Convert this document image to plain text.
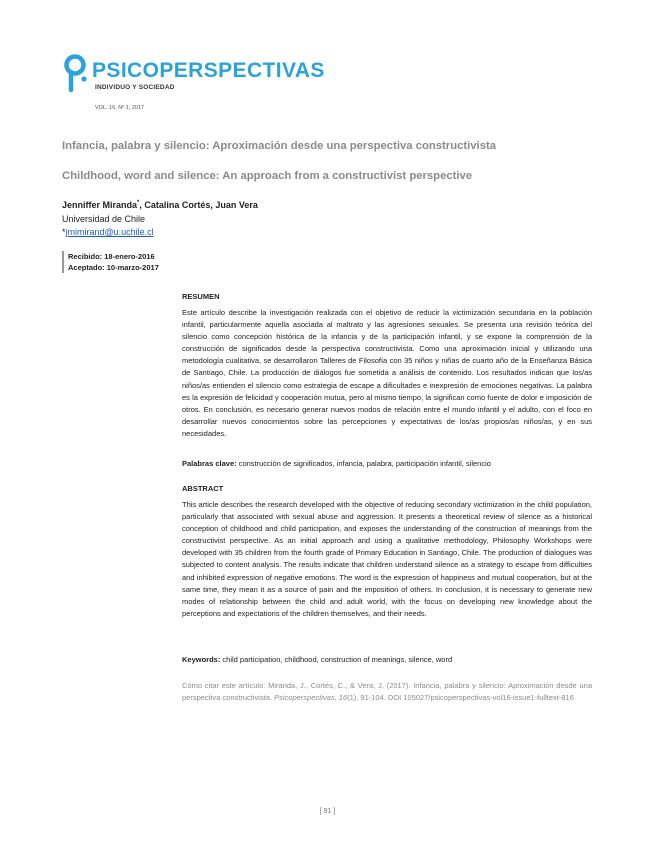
PSICOPERSPECTIVAS
INDIVIDUO Y SOCIEDAD
VOL. 16, Nº 1, 2017
Infancia, palabra y silencio: Aproximación desde una perspectiva constructivista
Childhood, word and silence: An approach from a constructivist perspective
Jenniffer Miranda*, Catalina Cortés, Juan Vera
Universidad de Chile
*jmimirand@u.uchile.cl
Recibido: 18-enero-2016
Aceptado: 10-marzo-2017
RESUMEN

Este artículo describe la investigación realizada con el objetivo de reducir la victimización secundaria en la población infantil, particularmente aquella asociada al maltrato y las agresiones sexuales. Se presenta una revisión teórica del silencio como concepción histórica de la infancia y de la participación infantil, y se expone la comprensión de la construcción de significados desde la perspectiva constructivista. Como una aproximación inicial y utilizando una metodología cualitativa, se desarrollaron Talleres de Filosofía con 35 niños y niñas de cuarto año de la Enseñanza Básica de Santiago, Chile. La producción de diálogos fue sometida a análisis de contenido. Los resultados indican que los/as niños/as entienden el silencio como estrategia de escape a dificultades e inexpresión de emociones negativas. La palabra es la expresión de felicidad y cooperación mutua, pero al mismo tiempo, la significan como fuente de dolor e imposición de otros. En conclusión, es necesario generar nuevos modos de relación entre el mundo infantil y el adulto, con el foco en desarrollar nuevos conocimientos sobre las percepciones y expectativas de los/as propios/as niños/as, y en sus necesidades.

Palabras clave: construcción de significados, infancia, palabra, participación infantil, silencio
ABSTRACT

This article describes the research developed with the objective of reducing secondary victimization in the child population, particularly that associated with sexual abuse and aggression. It presents a theoretical review of silence as a historical conception of childhood and child participation, and exposes the understanding of the construction of meanings from the constructivist perspective. As an initial approach and using a qualitative methodology, Philosophy Workshops were developed with 35 children from the fourth grade of Primary Education in Santiago, Chile. The production of dialogues was subjected to content analysis. The results indicate that children understand silence as a strategy to escape from difficulties and inhibited expression of negative emotions. The word is the expression of happiness and mutual cooperation, but at the same time, they mean it as a source of pain and the imposition of others. In conclusion, it is necessary to generate new modes of relationship between the child and adult world, with the focus on developing new knowledge about the perceptions and expectations of the children themselves, and their needs.

Keywords: child participation, childhood, construction of meanings, silence, word

Cómo citar este artículo: Miranda, J., Cortés, C., & Vera, J. (2017). Infancia, palabra y silencio: Aproximación desde una perspectiva constructivista. Psicoperspectivas, 16(1), 91-104. DOI 105027/psicoperspectivas-vol16-issue1-fulltext-816

[ 91 ]
